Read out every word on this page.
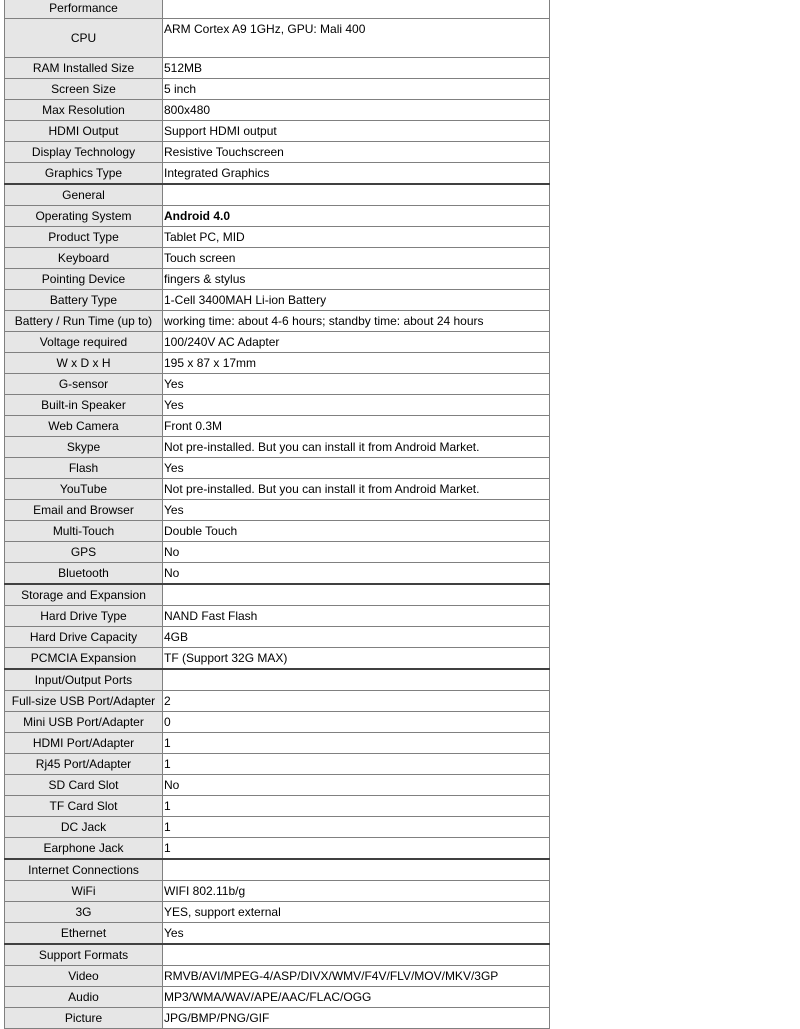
Performance	
CPU	ARM Cortex A9 1GHz, GPU: Mali 400
RAM Installed Size	512MB
Screen Size	5 inch
Max Resolution	800x480
HDMI Output	Support HDMI output
Display Technology	Resistive Touchscreen
Graphics Type	Integrated Graphics
General	
Operating System	Android 4.0
Product Type	Tablet PC, MID
Keyboard	Touch screen
Pointing Device	fingers & stylus
Battery Type	1-Cell 3400MAH Li-ion Battery
Battery / Run Time (up to)	working time: about 4-6 hours; standby time: about 24 hours
Voltage required	100/240V AC Adapter
W x D x H	195 x 87 x 17mm
G-sensor	Yes
Built-in Speaker	Yes
Web Camera	Front 0.3M
Skype	Not pre-installed. But you can install it from Android Market.
Flash	Yes
YouTube	Not pre-installed. But you can install it from Android Market.
Email and Browser	Yes
Multi-Touch	Double Touch
GPS	No
Bluetooth	No
Storage and Expansion	
Hard Drive Type	NAND Fast Flash
Hard Drive Capacity	4GB
PCMCIA Expansion	TF (Support 32G MAX)
Input/Output Ports	
Full-size USB Port/Adapter	2
Mini USB Port/Adapter	0
HDMI Port/Adapter	1
Rj45 Port/Adapter	1
SD Card Slot	No
TF Card Slot	1
DC Jack	1
Earphone Jack	1
Internet Connections	
WiFi	WIFI 802.11b/g
3G	YES, support external
Ethernet	Yes
Support Formats	
Video	RMVB/AVI/MPEG-4/ASP/DIVX/WMV/F4V/FLV/MOV/MKV/3GP
Audio	MP3/WMA/WAV/APE/AAC/FLAC/OGG
Picture	JPG/BMP/PNG/GIF
